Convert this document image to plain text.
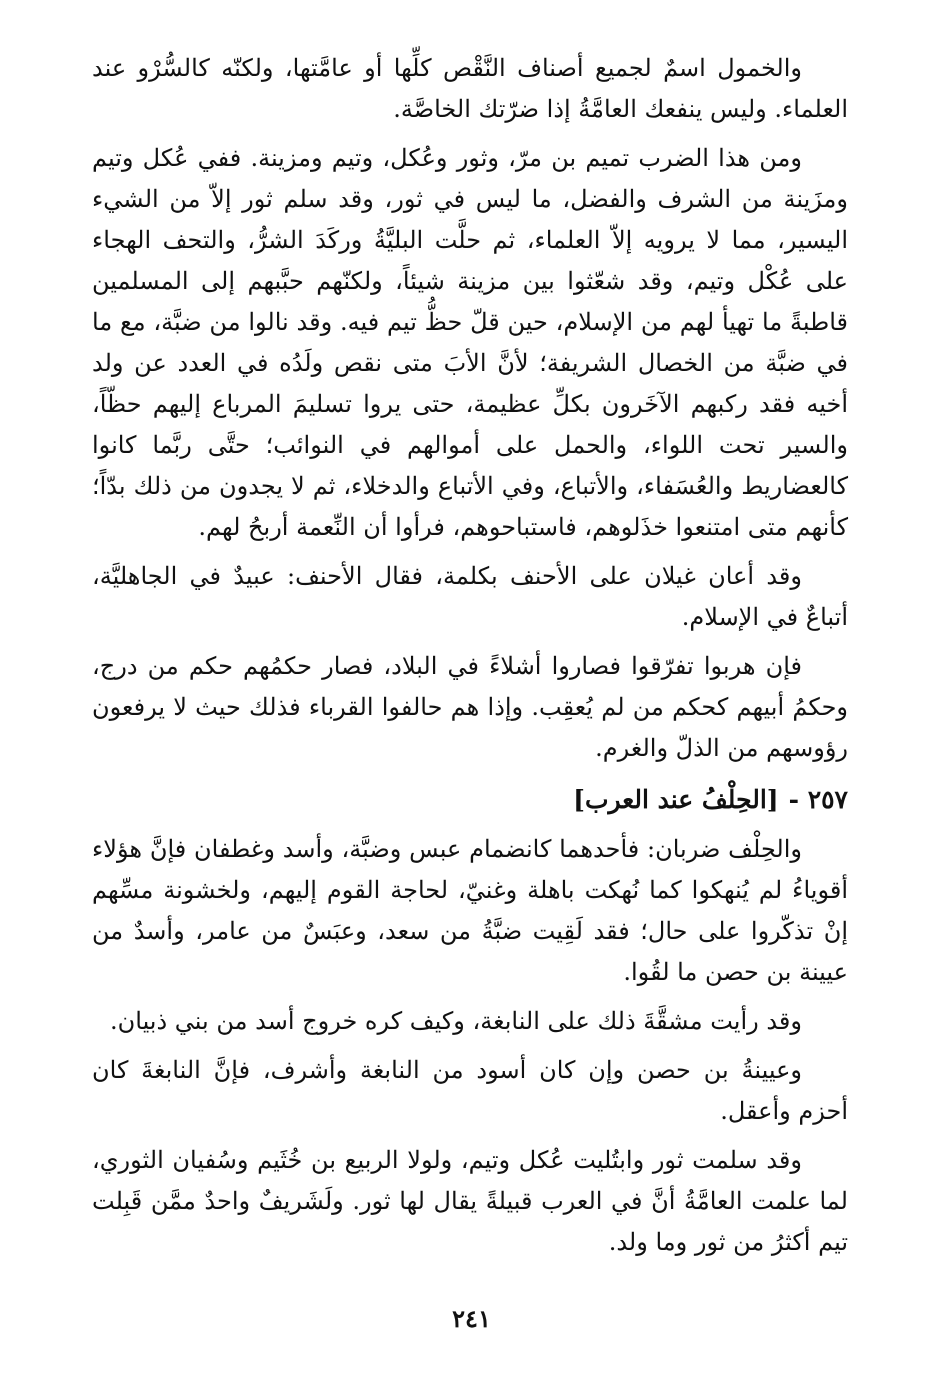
والخمول اسمٌ لجميع أصناف النَّقْص كلِّها أو عامَّتها، ولكنّه كالسُّرْو عند العلماء. وليس ينفعك العامَّةُ إذا ضرّتك الخاصَّة.

ومن هذا الضرب تميم بن مرّ، وثور وعُكل، وتيم ومزينة. ففي عُكل وتيم ومزَينة من الشرف والفضل، ما ليس في ثور، وقد سلم ثور إلاّ من الشيء اليسير، مما لا يرويه إلاّ العلماء، ثم حلَّت البليَّةُ وركَدَ الشرُّ، والتحف الهجاء على عُكْل وتيم، وقد شعّثوا بين مزينة شيئاً، ولكنّهم حبَّبهم إلى المسلمين قاطبةً ما تهيأ لهم من الإسلام، حين قلّ حظُّ تيم فيه. وقد نالوا من ضبَّة، مع ما في ضبَّة من الخصال الشريفة؛ لأنَّ الأبَ متى نقص ولَدُه في العدد عن ولد أخيه فقد ركبهم الآخَرون بكلِّ عظيمة، حتى يروا تسليمَ المرباع إليهم حظّاً، والسير تحت اللواء، والحمل على أموالهم في النوائب؛ حتَّى ربَّما كانوا كالعضاريط والعُسَفاء، والأتباع، وفي الأتباع والدخلاء، ثم لا يجدون من ذلك بدّاً؛ كأنهم متى امتنعوا خذَلوهم، فاستباحوهم، فرأوا أن النِّعمة أربحُ لهم.

وقد أعان غيلان على الأحنف بكلمة، فقال الأحنف: عبيدٌ في الجاهليَّة، أتباعٌ في الإسلام.

فإن هربوا تفرّقوا فصاروا أشلاءً في البلاد، فصار حكمُهم حكم من درج، وحكمُ أبيهم كحكم من لم يُعقِب. وإذا هم حالفوا القرباء فذلك حيث لا يرفعون رؤوسهم من الذلّ والغرم.

٢٥٧ -[الحِلْفُ عند العرب]

والحِلْف ضربان: فأحدهما كانضمام عبس وضبَّة، وأسد وغطفان فإنَّ هؤلاء أقوياءُ لم يُنهكوا كما نُهكت باهلة وغنيّ، لحاجة القوم إليهم، ولخشونة مسِّهم إنْ تذكّروا على حال؛ فقد لَقِيت ضبَّةُ من سعد، وعبَسٌ من عامر، وأسدٌ من عيينة بن حصن ما لقُوا.

وقد رأيت مشقَّةَ ذلك على النابغة، وكيف كره خروج أسد من بني ذبيان.

وعيينةُ بن حصن وإن كان أسود من النابغة وأشرف، فإنَّ النابغةَ كان أحزم وأعقل.

وقد سلمت ثور وابتُليت عُكل وتيم، ولولا الربيع بن خُثَيم وسُفيان الثوري، لما علمت العامَّةُ أنَّ في العرب قبيلةً يقال لها ثور. ولَشَريفٌ واحدٌ ممَّن قَبِلت تيم أكثرُ من ثور وما ولد.

٢٤١
